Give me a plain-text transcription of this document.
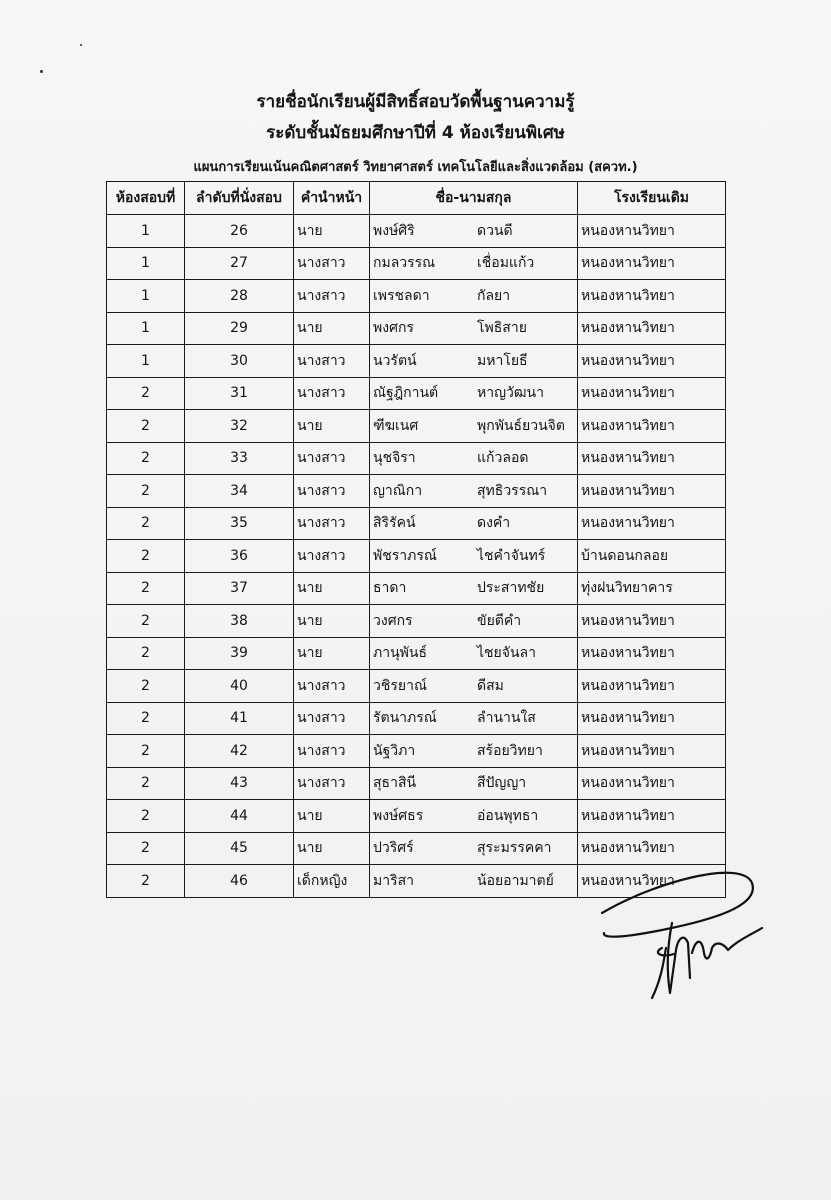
รายชื่อนักเรียนผู้มีสิทธิ์สอบวัดพื้นฐานความรู้
ระดับชั้นมัธยมศึกษาปีที่ 4 ห้องเรียนพิเศษ
แผนการเรียนเน้นคณิตศาสตร์ วิทยาศาสตร์ เทคโนโลยีและสิ่งแวดล้อม (สควท.)
ห้องสอบที่	ลำดับที่นั่งสอบ	คำนำหน้า	ชื่อ-นามสกุล	โรงเรียนเดิม
1	26	นาย	พงษ์ศิริ ดวนดี	หนองหานวิทยา
1	27	นางสาว	กมลวรรณ เชื่อมแก้ว	หนองหานวิทยา
1	28	นางสาว	เพรชลดา กัลยา	หนองหานวิทยา
1	29	นาย	พงศกร โพธิสาย	หนองหานวิทยา
1	30	นางสาว	นวรัตน์ มหาโยธี	หนองหานวิทยา
2	31	นางสาว	ณัฐฎิกานต์ หาญวัฒนา	หนองหานวิทยา
2	32	นาย	ฑีฆเนศ พุกพันธ์ยวนจิต	หนองหานวิทยา
2	33	นางสาว	นุชจิรา แก้วลอด	หนองหานวิทยา
2	34	นางสาว	ญาณิกา สุทธิวรรณา	หนองหานวิทยา
2	35	นางสาว	สิริรัคน์ ดงคำ	หนองหานวิทยา
2	36	นางสาว	พัชราภรณ์ ไชคำจันทร์	บ้านดอนกลอย
2	37	นาย	ธาดา ประสาทชัย	ทุ่งฝนวิทยาคาร
2	38	นาย	วงศกร ขัยตีคำ	หนองหานวิทยา
2	39	นาย	ภานุพันธ์ ไชยจันลา	หนองหานวิทยา
2	40	นางสาว	วชิรยาณ์ ดีสม	หนองหานวิทยา
2	41	นางสาว	รัตนาภรณ์ ลำนานใส	หนองหานวิทยา
2	42	นางสาว	นัฐวิภา สร้อยวิทยา	หนองหานวิทยา
2	43	นางสาว	สุธาสินี สีปัญญา	หนองหานวิทยา
2	44	นาย	พงษ์ศธร อ่อนพุทธา	หนองหานวิทยา
2	45	นาย	ปวริศร์ สุระมรรคคา	หนองหานวิทยา
2	46	เด็กหญิง	มาริสา น้อยอามาตย์	หนองหานวิทยา
